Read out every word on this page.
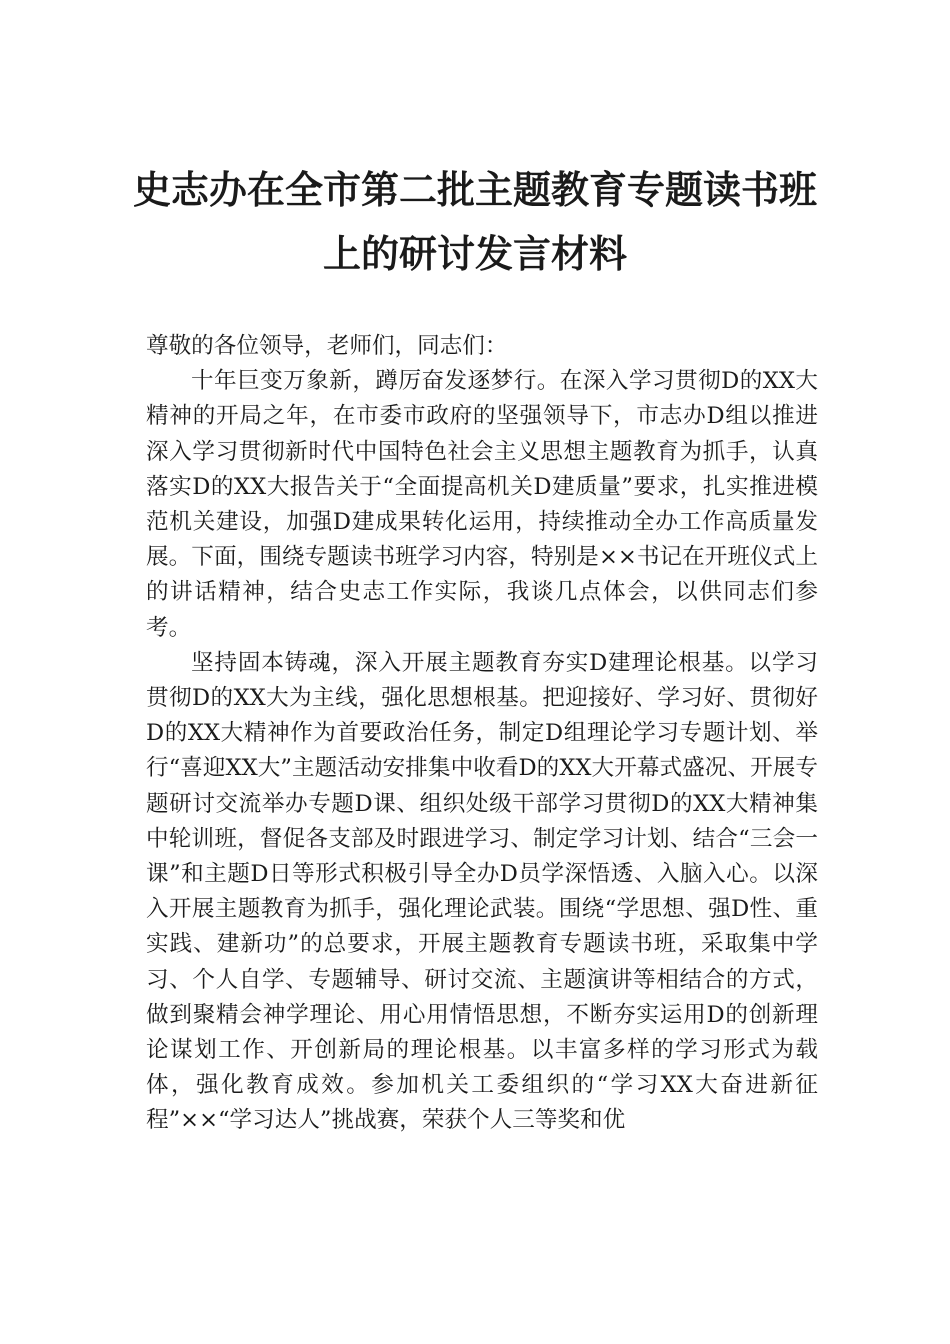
史志办在全市第二批主题教育专题读书班
上的研讨发言材料

尊敬的各位领导，老师们，同志们：

十年巨变万象新，蹲厉奋发逐梦行。在深入学习贯彻D的XX大精神的开局之年，在市委市政府的坚强领导下，市志办D组以推进深入学习贯彻新时代中国特色社会主义思想主题教育为抓手，认真落实D的XX大报告关于“全面提高机关D建质量”要求，扎实推进模范机关建设，加强D建成果转化运用，持续推动全办工作高质量发展。下面，围绕专题读书班学习内容，特别是××书记在开班仪式上的讲话精神，结合史志工作实际，我谈几点体会，以供同志们参考。

坚持固本铸魂，深入开展主题教育夯实D建理论根基。以学习贯彻D的XX大为主线，强化思想根基。把迎接好、学习好、贯彻好D的XX大精神作为首要政治任务，制定D组理论学习专题计划、举行“喜迎XX大”主题活动安排集中收看D的XX大开幕式盛况、开展专题研讨交流举办专题D课、组织处级干部学习贯彻D的XX大精神集中轮训班，督促各支部及时跟进学习、制定学习计划、结合“三会一课”和主题D日等形式积极引导全办D员学深悟透、入脑入心。以深入开展主题教育为抓手，强化理论武装。围绕“学思想、强D性、重实践、建新功”的总要求，开展主题教育专题读书班，采取集中学习、个人自学、专题辅导、研讨交流、主题演讲等相结合的方式，做到聚精会神学理论、用心用情悟思想，不断夯实运用D的创新理论谋划工作、开创新局的理论根基。以丰富多样的学习形式为载体，强化教育成效。参加机关工委组织的“学习XX大奋进新征程”××“学习达人”挑战赛，荣获个人三等奖和优
